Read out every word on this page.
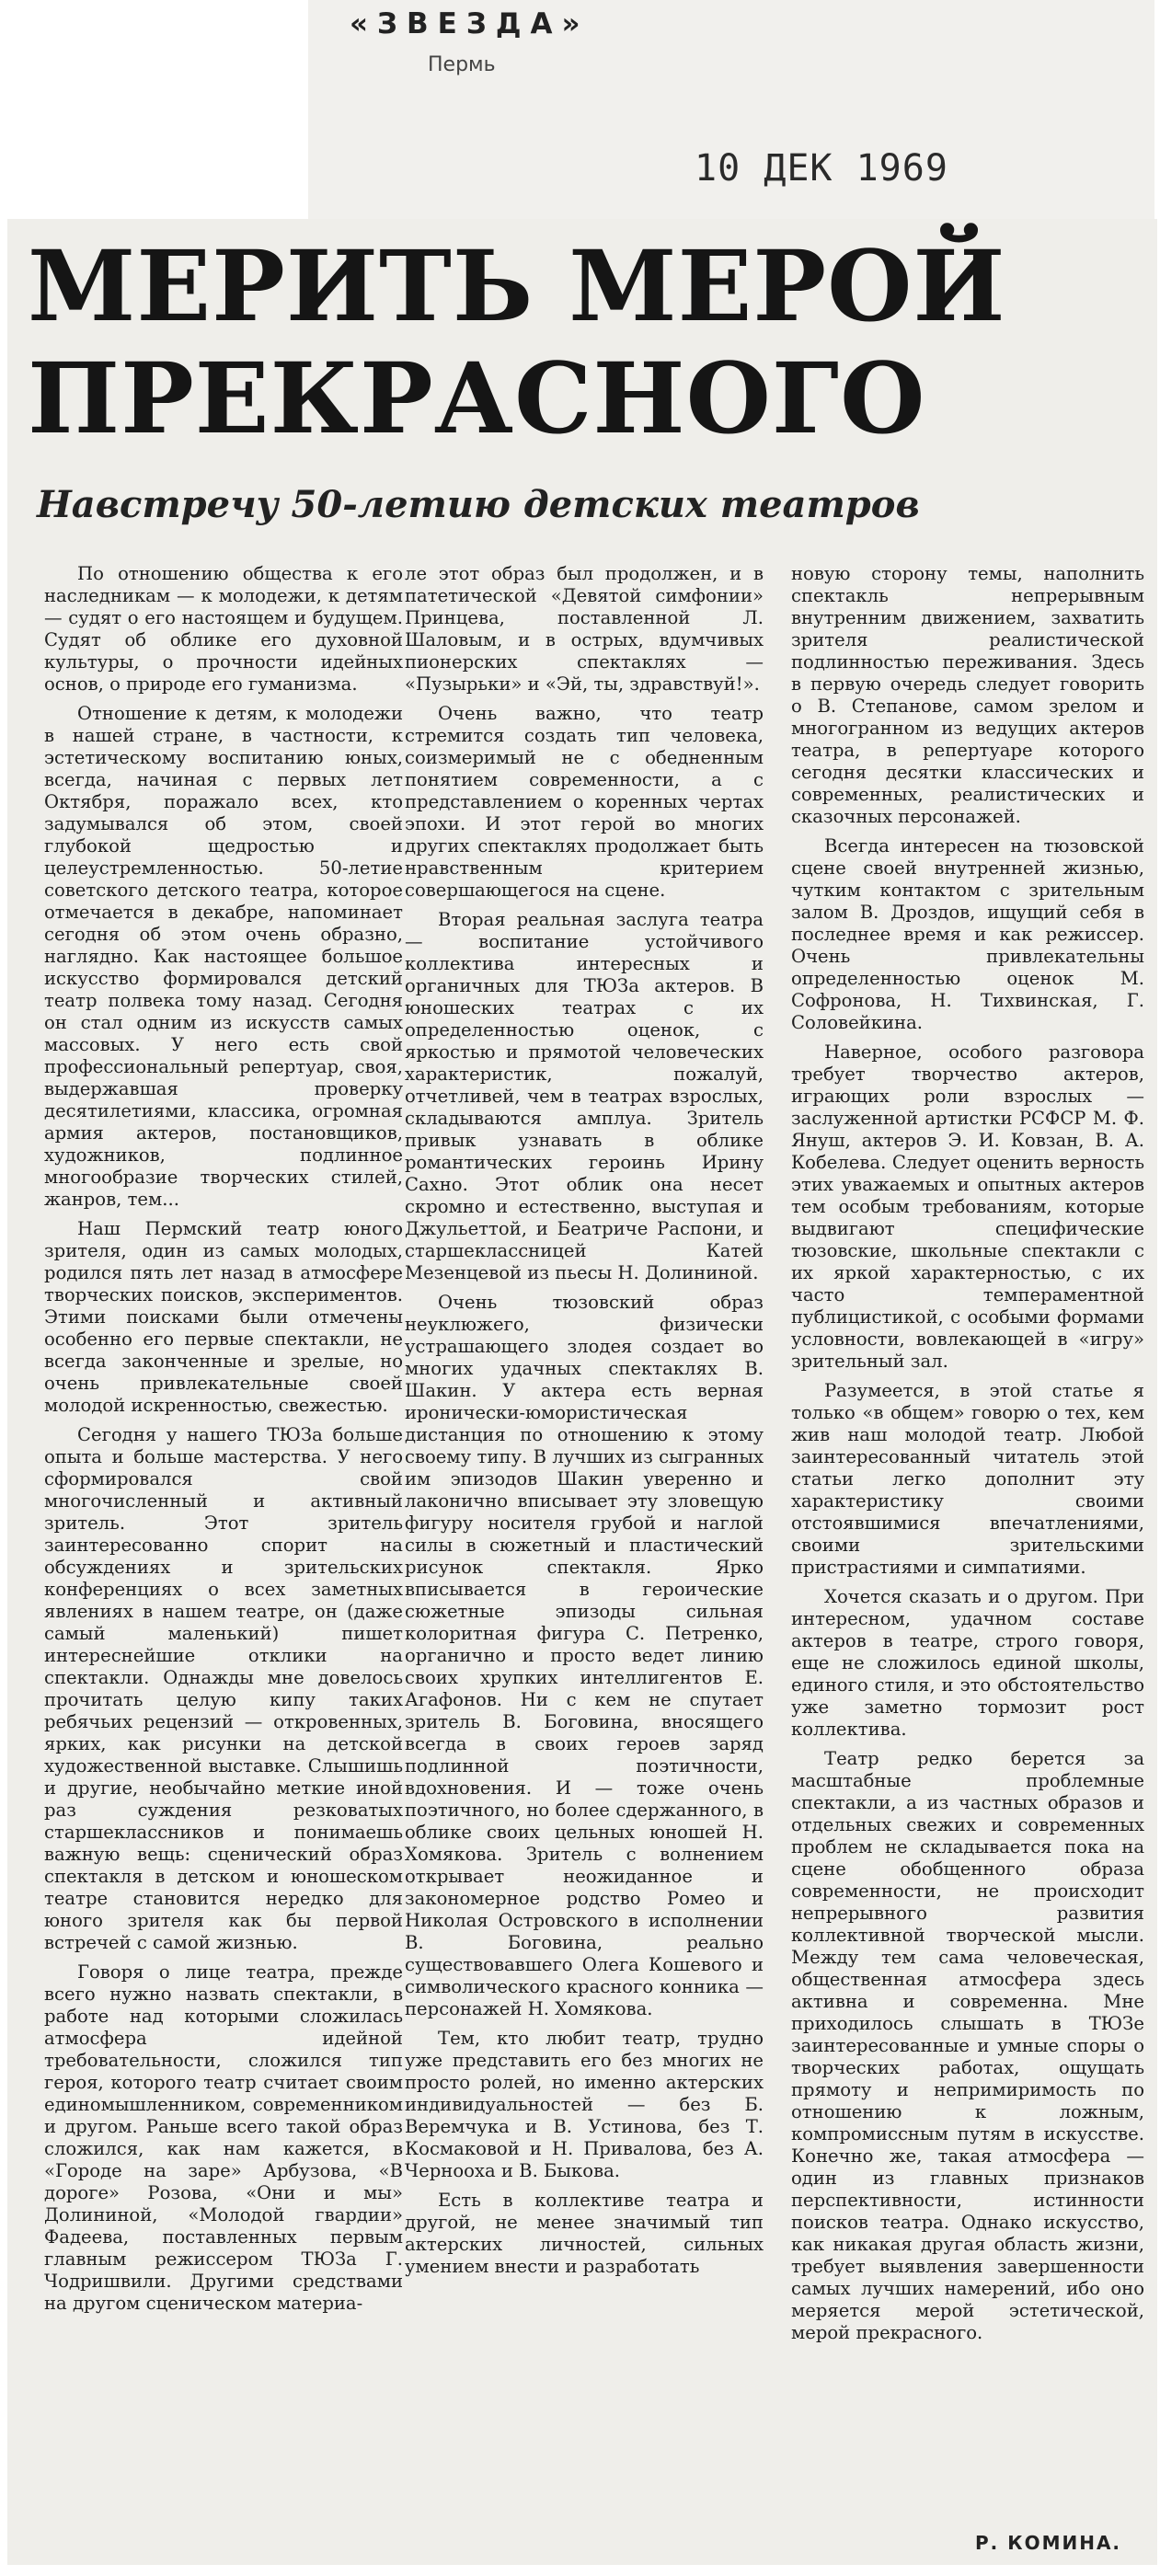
«ЗВЕЗДА»
Пермь
10 ДЕК 1969
МЕРИТЬ МЕРОЙ
ПРЕКРАСНОГО
Навстречу 50-летию детских театров

По отношению общества к его наследникам — к молодежи, к детям — судят о его настоящем и будущем. Судят об облике его духовной культуры, о прочности идейных основ, о природе его гуманизма.

Отношение к детям, к молодежи в нашей стране, в частности, к эстетическому воспитанию юных, всегда, начиная с первых лет Октября, поражало всех, кто задумывался об этом, своей глубокой щедростью и целеустремленностью. 50-летие советского детского театра, которое отмечается в декабре, напоминает сегодня об этом очень образно, наглядно. Как настоящее большое искусство формировался детский театр полвека тому назад. Сегодня он стал одним из искусств самых массовых. У него есть свой профессиональный репертуар, своя, выдержавшая проверку десятилетиями, классика, огромная армия актеров, постановщиков, художников, подлинное многообразие творческих стилей, жанров, тем...

Наш Пермский театр юного зрителя, один из самых молодых, родился пять лет назад в атмосфере творческих поисков, экспериментов. Этими поисками были отмечены особенно его первые спектакли, не всегда законченные и зрелые, но очень привлекательные своей молодой искренностью, свежестью.

Сегодня у нашего ТЮЗа больше опыта и больше мастерства. У него сформировался свой многочисленный и активный зритель. Этот зритель заинтересованно спорит на обсуждениях и зрительских конференциях о всех заметных явлениях в нашем театре, он (даже самый маленький) пишет интереснейшие отклики на спектакли. Однажды мне довелось прочитать целую кипу таких ребячьих рецензий — откровенных, ярких, как рисунки на детской художественной выставке. Слышишь и другие, необычайно меткие иной раз суждения резковатых старшеклассников и понимаешь важную вещь: сценический образ спектакля в детском и юношеском театре становится нередко для юного зрителя как бы первой встречей с самой жизнью.

Говоря о лице театра, прежде всего нужно назвать спектакли, в работе над которыми сложилась атмосфера идейной требовательности, сложился тип героя, которого театр считает своим единомышленником, современником и другом. Раньше всего такой образ сложился, как нам кажется, в «Городе на заре» Арбузова, «В дороге» Розова, «Они и мы» Долининой, «Молодой гвардии» Фадеева, поставленных первым главным режиссером ТЮЗа Г. Чодришвили. Другими средствами на другом сценическом материа-

ле этот образ был продолжен, и в патетической «Девятой симфонии» Принцева, поставленной Л. Шаловым, и в острых, вдумчивых пионерских спектаклях — «Пузырьки» и «Эй, ты, здравствуй!».

Очень важно, что театр стремится создать тип человека, соизмеримый не с обедненным понятием современности, а с представлением о коренных чертах эпохи. И этот герой во многих других спектаклях продолжает быть нравственным критерием совершающегося на сцене.

Вторая реальная заслуга театра — воспитание устойчивого коллектива интересных и органичных для ТЮЗа актеров. В юношеских театрах с их определенностью оценок, с яркостью и прямотой человеческих характеристик, пожалуй, отчетливей, чем в театрах взрослых, складываются амплуа. Зритель привык узнавать в облике романтических героинь Ирину Сахно. Этот облик она несет скромно и естественно, выступая и Джульеттой, и Беатриче Распони, и старшеклассницей Катей Мезенцевой из пьесы Н. Долининой.

Очень тюзовский образ неуклюжего, физически устрашающего злодея создает во многих удачных спектаклях В. Шакин. У актера есть верная иронически-юмористическая дистанция по отношению к этому своему типу. В лучших из сыгранных им эпизодов Шакин уверенно и лаконично вписывает эту зловещую фигуру носителя грубой и наглой силы в сюжетный и пластический рисунок спектакля. Ярко вписывается в героические сюжетные эпизоды сильная колоритная фигура С. Петренко, органично и просто ведет линию своих хрупких интеллигентов Е. Агафонов. Ни с кем не спутает зритель В. Боговина, вносящего всегда в своих героев заряд подлинной поэтичности, вдохновения. И — тоже очень поэтичного, но более сдержанного, в облике своих цельных юношей Н. Хомякова. Зритель с волнением открывает неожиданное и закономерное родство Ромео и Николая Островского в исполнении В. Боговина, реально существовавшего Олега Кошевого и символического красного конника — персонажей Н. Хомякова.

Тем, кто любит театр, трудно уже представить его без многих не просто ролей, но именно актерских индивидуальностей — без Б. Веремчука и В. Устинова, без Т. Космаковой и Н. Привалова, без А. Чернооха и В. Быкова.

Есть в коллективе театра и другой, не менее значимый тип актерских личностей, сильных умением внести и разработать

новую сторону темы, наполнить спектакль непрерывным внутренним движением, захватить зрителя реалистической подлинностью переживания. Здесь в первую очередь следует говорить о В. Степанове, самом зрелом и многогранном из ведущих актеров театра, в репертуаре которого сегодня десятки классических и современных, реалистических и сказочных персонажей.

Всегда интересен на тюзовской сцене своей внутренней жизнью, чутким контактом с зрительным залом В. Дроздов, ищущий себя в последнее время и как режиссер. Очень привлекательны определенностью оценок М. Софронова, Н. Тихвинская, Г. Соловейкина.

Наверное, особого разговора требует творчество актеров, играющих роли взрослых — заслуженной артистки РСФСР М. Ф. Януш, актеров Э. И. Ковзан, В. А. Кобелева. Следует оценить верность этих уважаемых и опытных актеров тем особым требованиям, которые выдвигают специфические тюзовские, школьные спектакли с их яркой характерностью, с их часто темпераментной публицистикой, с особыми формами условности, вовлекающей в «игру» зрительный зал.

Разумеется, в этой статье я только «в общем» говорю о тех, кем жив наш молодой театр. Любой заинтересованный читатель этой статьи легко дополнит эту характеристику своими отстоявшимися впечатлениями, своими зрительскими пристрастиями и симпатиями.

Хочется сказать и о другом. При интересном, удачном составе актеров в театре, строго говоря, еще не сложилось единой школы, единого стиля, и это обстоятельство уже заметно тормозит рост коллектива.

Театр редко берется за масштабные проблемные спектакли, а из частных образов и отдельных свежих и современных проблем не складывается пока на сцене обобщенного образа современности, не происходит непрерывного развития коллективной творческой мысли. Между тем сама человеческая, общественная атмосфера здесь активна и современна. Мне приходилось слышать в ТЮЗе заинтересованные и умные споры о творческих работах, ощущать прямоту и непримиримость по отношению к ложным, компромиссным путям в искусстве. Конечно же, такая атмосфера — один из главных признаков перспективности, истинности поисков театра. Однако искусство, как никакая другая область жизни, требует выявления завершенности самых лучших намерений, ибо оно меряется мерой эстетической, мерой прекрасного.

Р. КОМИНА.
